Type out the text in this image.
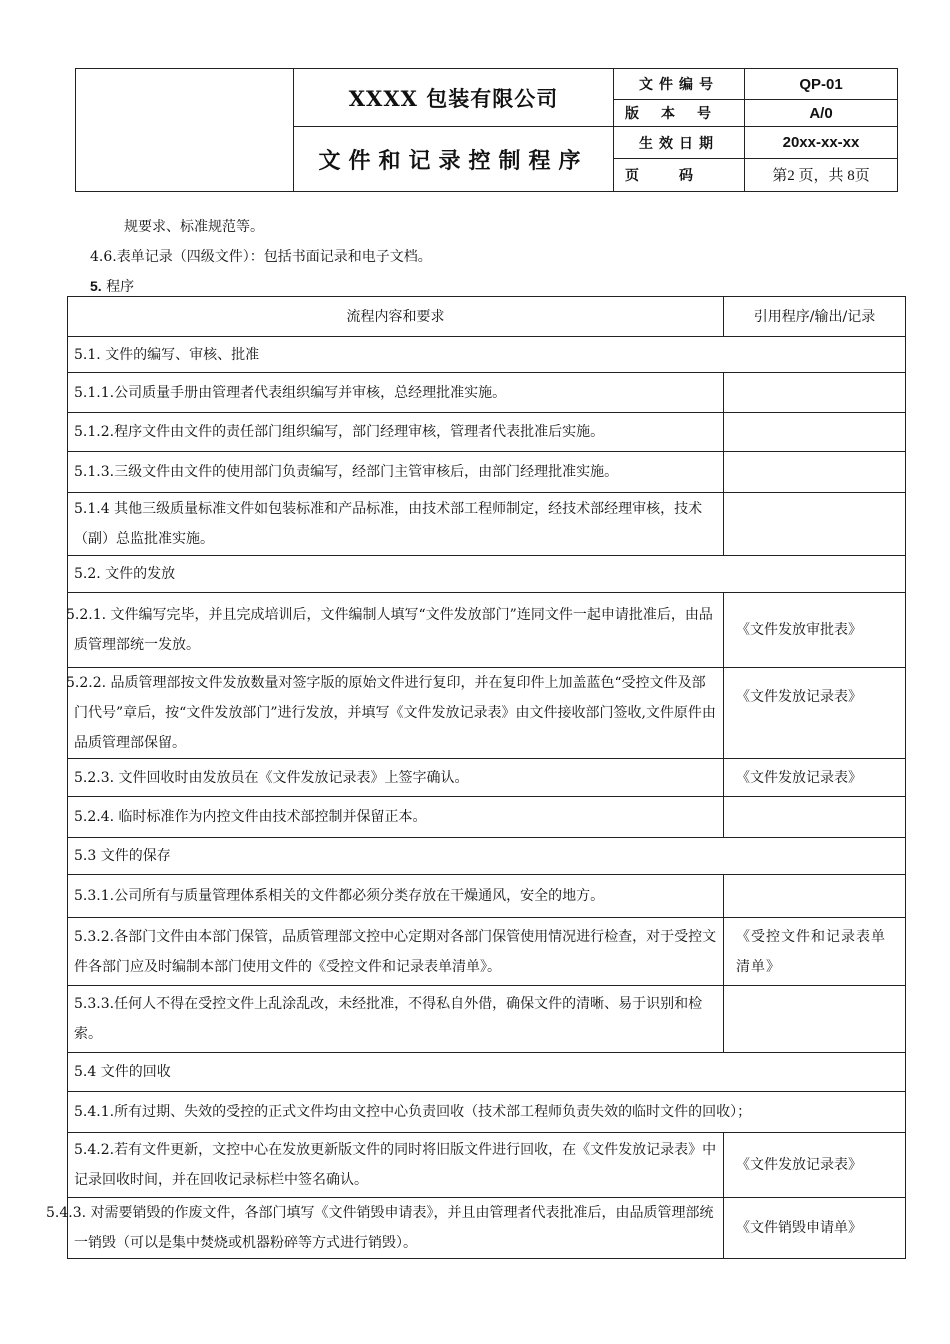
	XXXX 包装有限公司	文件编号	QP-01
		版本号	A/0
	文件和记录控制程序	生效日期	20xx-xx-xx
		页码	第2 页，共 8页
规要求、标准规范等。
4.6.表单记录（四级文件）：包括书面记录和电子文档。
5. 程序
流程内容和要求	引用程序/输出/记录
5.1. 文件的编写、审核、批准	
5.1.1.公司质量手册由管理者代表组织编写并审核，总经理批准实施。	
5.1.2.程序文件由文件的责任部门组织编写，部门经理审核，管理者代表批准后实施。	
5.1.3.三级文件由文件的使用部门负责编写，经部门主管审核后，由部门经理批准实施。	
5.1.4 其他三级质量标准文件如包装标准和产品标准，由技术部工程师制定，经技术部经理审核，技术（副）总监批准实施。	
5.2. 文件的发放	
5.2.1. 文件编写完毕，并且完成培训后，文件编制人填写“文件发放部门”连同文件一起申请批准后，由品质管理部统一发放。	《文件发放审批表》
5.2.2. 品质管理部按文件发放数量对签字版的原始文件进行复印，并在复印件上加盖蓝色“受控文件及部门代号”章后，按“文件发放部门”进行发放，并填写《文件发放记录表》由文件接收部门签收,文件原件由品质管理部保留。	《文件发放记录表》
5.2.3. 文件回收时由发放员在《文件发放记录表》上签字确认。	《文件发放记录表》
5.2.4. 临时标准作为内控文件由技术部控制并保留正本。	
5.3 文件的保存	
5.3.1.公司所有与质量管理体系相关的文件都必须分类存放在干燥通风，安全的地方。	
5.3.2.各部门文件由本部门保管，品质管理部文控中心定期对各部门保管使用情况进行检查，对于受控文件各部门应及时编制本部门使用文件的《受控文件和记录表单清单》。	《受控文件和记录表单清单》
5.3.3.任何人不得在受控文件上乱涂乱改，未经批准，不得私自外借，确保文件的清晰、易于识别和检索。	
5.4 文件的回收	
5.4.1.所有过期、失效的受控的正式文件均由文控中心负责回收（技术部工程师负责失效的临时文件的回收）；	
5.4.2.若有文件更新，文控中心在发放更新版文件的同时将旧版文件进行回收，在《文件发放记录表》中记录回收时间，并在回收记录标栏中签名确认。	《文件发放记录表》
5.4.3. 对需要销毁的作废文件，各部门填写《文件销毁申请表》，并且由管理者代表批准后，由品质管理部统一销毁（可以是集中焚烧或机器粉碎等方式进行销毁）。	《文件销毁申请单》
